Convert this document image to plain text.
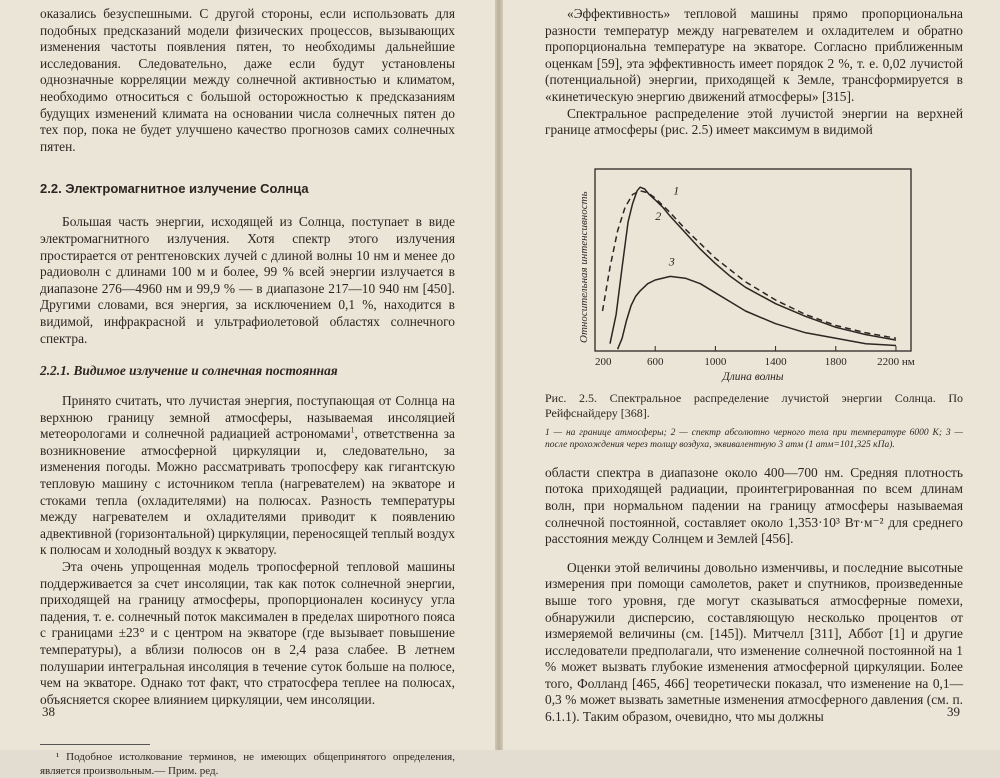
оказались безуспешными. С другой стороны, если использовать для подобных предсказаний модели физических процессов, вызывающих изменения частоты появления пятен, то необходимы дальнейшие исследования. Следовательно, даже если будут установлены однозначные корреляции между солнечной активностью и климатом, необходимо относиться с большой осторожностью к предсказаниям будущих изменений климата на основании числа солнечных пятен до тех пор, пока не будет улучшено качество прогнозов самих солнечных пятен.

2.2. Электромагнитное излучение Солнца

Большая часть энергии, исходящей из Солнца, поступает в виде электромагнитного излучения. Хотя спектр этого излучения простирается от рентгеновских лучей с длиной волны 10 нм и менее до радиоволн с длинами 100 м и более, 99 % всей энергии излучается в диапазоне 276—4960 нм и 99,9 % — в диапазоне 217—10 940 нм [450]. Другими словами, вся энергия, за исключением 0,1 %, находится в видимой, инфракрасной и ультрафиолетовой областях солнечного спектра.

2.2.1. Видимое излучение и солнечная постоянная

Принято считать, что лучистая энергия, поступающая от Солнца на верхнюю границу земной атмосферы, называемая инсоляцией метеорологами и солнечной радиацией астрономами$^1$, ответственна за возникновение атмосферной циркуляции и, следовательно, за изменения погоды. Можно рассматривать тропосферу как гигантскую тепловую машину с источником тепла (нагревателем) на экваторе и стоками тепла (охладителями) на полюсах. Разность температуры между нагревателем и охладителями приводит к появлению адвективной (горизонтальной) циркуляции, переносящей теплый воздух к полюсам и холодный воздух к экватору.

Эта очень упрощенная модель тропосферной тепловой машины поддерживается за счет инсоляции, так как поток солнечной энергии, приходящей на границу атмосферы, пропорционален косинусу угла падения, т. е. солнечный поток максимален в пределах широтного пояса с границами ±23° и с центром на экваторе (где вызывает повышение температуры), а вблизи полюсов он в 2,4 раза слабее. В летнем полушарии интегральная инсоляция в течение суток больше на полюсе, чем на экваторе. Однако тот факт, что стратосфера теплее на полюсах, объясняется скорее влиянием циркуляции, чем инсоляции.

¹ Подобное истолкование терминов, не имеющих общепринятого определения, является произвольным.— Прим. ред.

38

«Эффективность» тепловой машины прямо пропорциональна разности температур между нагревателем и охладителем и обратно пропорциональна температуре на экваторе. Согласно приближенным оценкам [59], эта эффективность имеет порядок 2 %, т. е. 0,02 лучистой (потенциальной) энергии, приходящей к Земле, трансформируется в «кинетическую энергию движений атмосферы» [315].

Спектральное распределение этой лучистой энергии на верхней границе атмосферы (рис. 2.5) имеет максимум в видимой

200	600	1000	1400	1800	2200 нм
1
2
3
Относительная интенсивность
Длина волны

Рис. 2.5. Спектральное распределение лучистой энергии Солнца. По Рейфснайдеру [368].

1 — на границе атмосферы; 2 — спектр абсолютно черного тела при температуре 6000 К; 3 — после прохождения через толщу воздуха, эквивалентную 3 атм (1 атм=101,325 кПа).

области спектра в диапазоне около 400—700 нм. Средняя плотность потока приходящей радиации, проинтегрированная по всем длинам волн, при нормальном падении на границу атмосферы называемая солнечной постоянной, составляет около 1,353·10³ Вт·м⁻² для среднего расстояния между Солнцем и Землей [456].

Оценки этой величины довольно изменчивы, и последние высотные измерения при помощи самолетов, ракет и спутников, произведенные выше того уровня, где могут сказываться атмосферные помехи, обнаружили дисперсию, составляющую несколько процентов от измеряемой величины (см. [145]). Митчелл [311], Аббот [1] и другие исследователи предполагали, что изменение солнечной постоянной на 1 % может вызвать глубокие изменения атмосферной циркуляции. Более того, Фолланд [465, 466] теоретически показал, что изменение на 0,1—0,3 % может вызвать заметные изменения атмосферного давления (см. п. 6.1.1). Таким образом, очевидно, что мы должны	39
